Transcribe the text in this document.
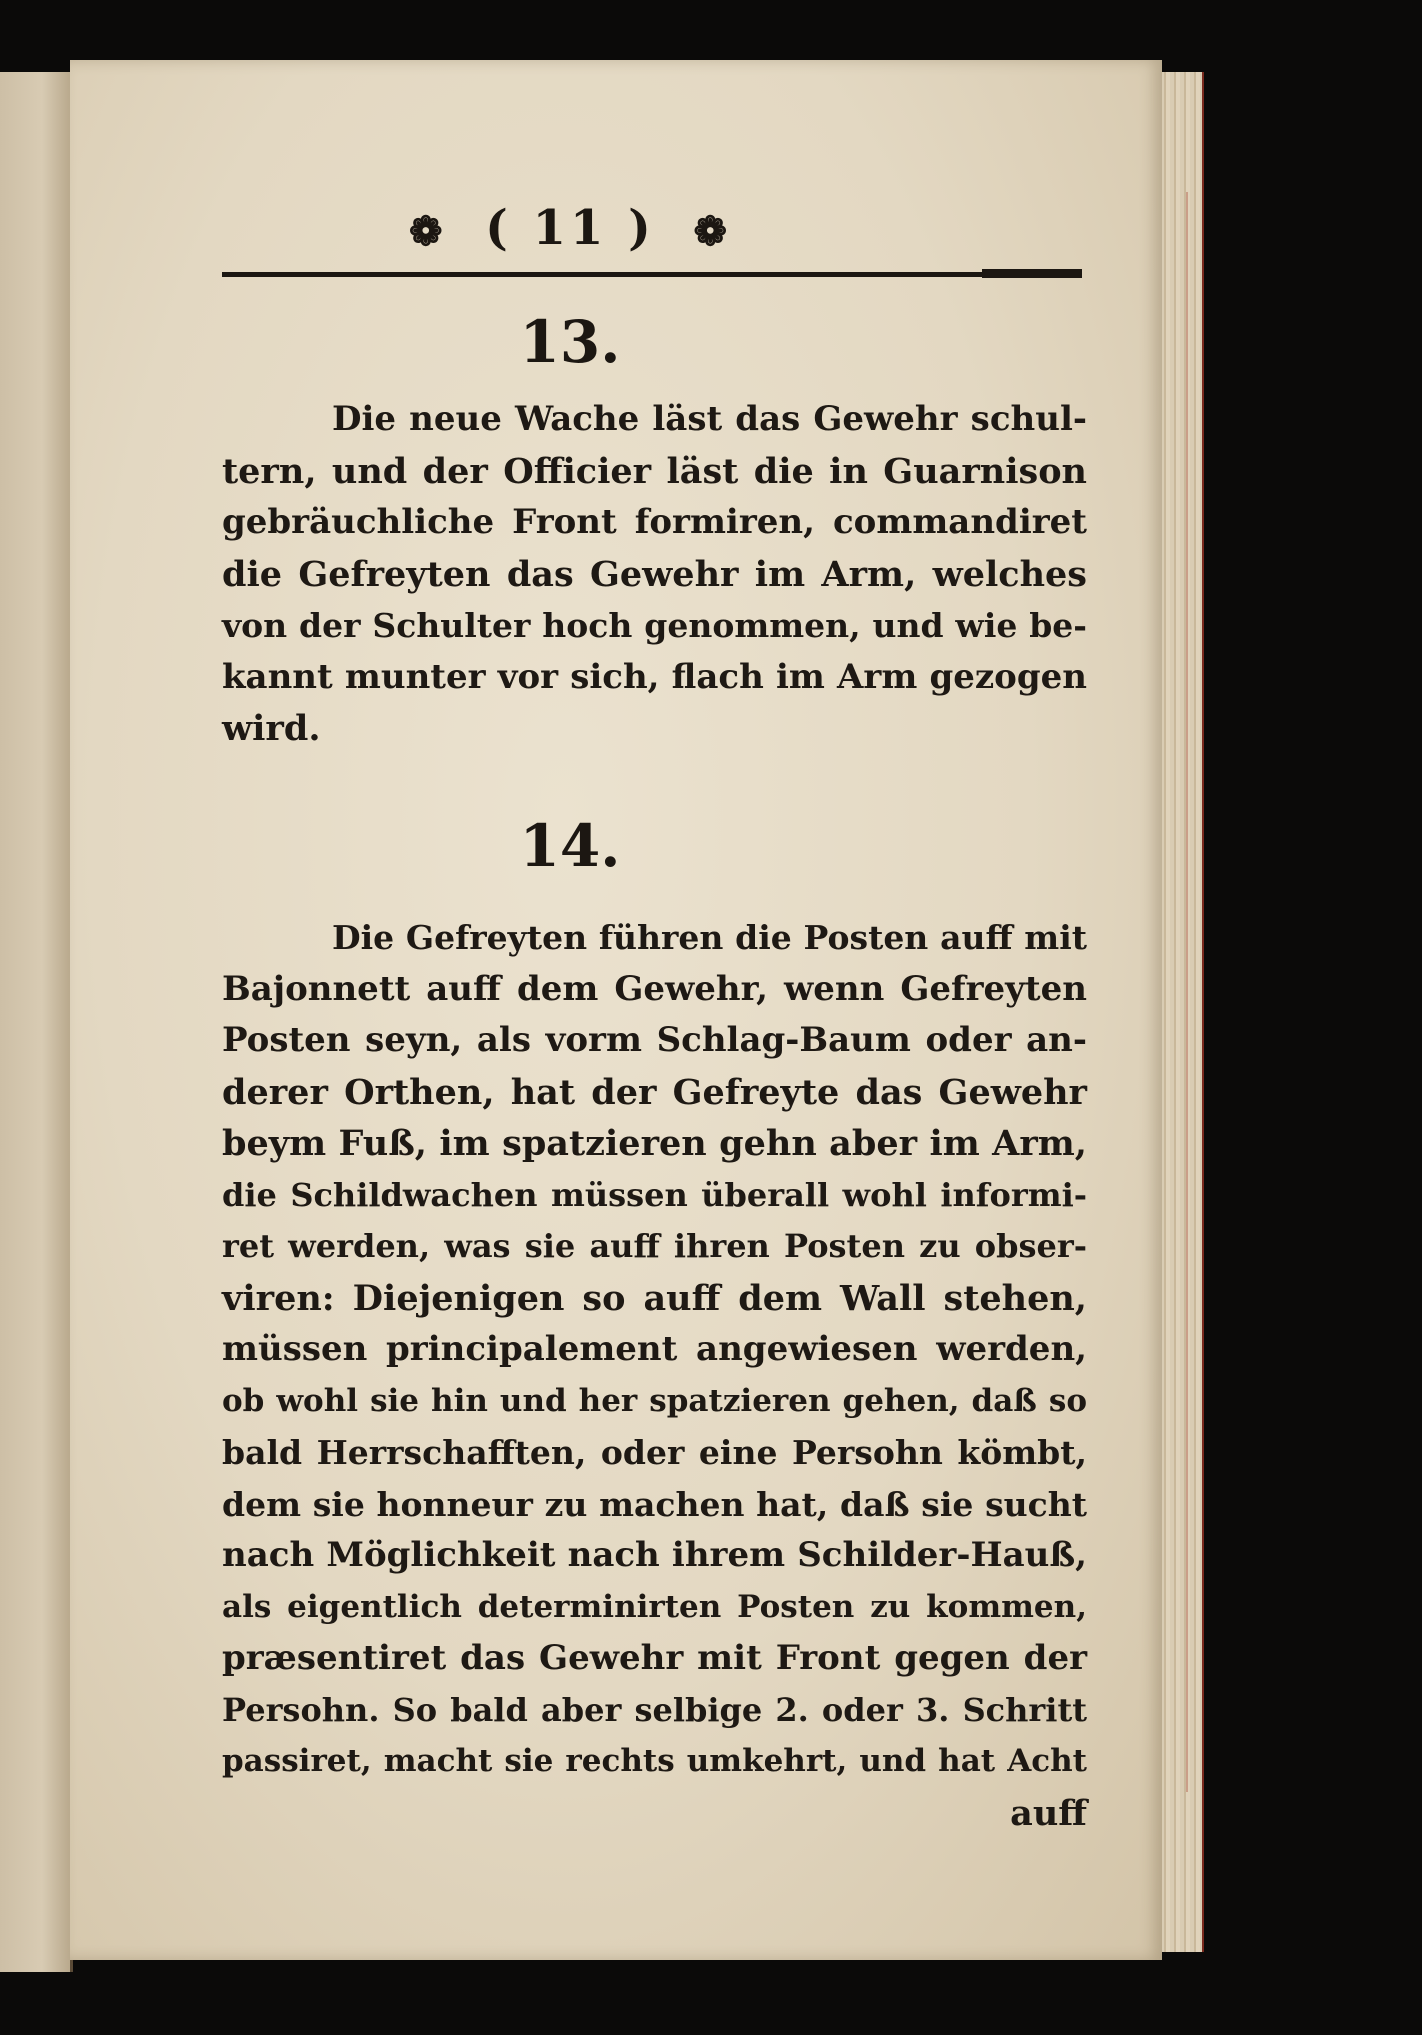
❁ ( 11 ) ❁
13.
Die neue Wache läst das Gewehr schul-
tern, und der Officier läst die in Guarnison
gebräuchliche Front formiren, commandiret
die Gefreyten das Gewehr im Arm, welches
von der Schulter hoch genommen, und wie be-
kannt munter vor sich, flach im Arm gezogen
wird.
14.
Die Gefreyten führen die Posten auff mit
Bajonnett auff dem Gewehr, wenn Gefreyten
Posten seyn, als vorm Schlag-Baum oder an-
derer Orthen, hat der Gefreyte das Gewehr
beym Fuß, im spatzieren gehn aber im Arm,
die Schildwachen müssen überall wohl informi-
ret werden, was sie auff ihren Posten zu obser-
viren: Diejenigen so auff dem Wall stehen,
müssen principalement angewiesen werden,
ob wohl sie hin und her spatzieren gehen, daß so
bald Herrschafften, oder eine Persohn kömbt,
dem sie honneur zu machen hat, daß sie sucht
nach Möglichkeit nach ihrem Schilder-Hauß,
als eigentlich determinirten Posten zu kommen,
præsentiret das Gewehr mit Front gegen der
Persohn. So bald aber selbige 2. oder 3. Schritt
passiret, macht sie rechts umkehrt, und hat Acht
auff
